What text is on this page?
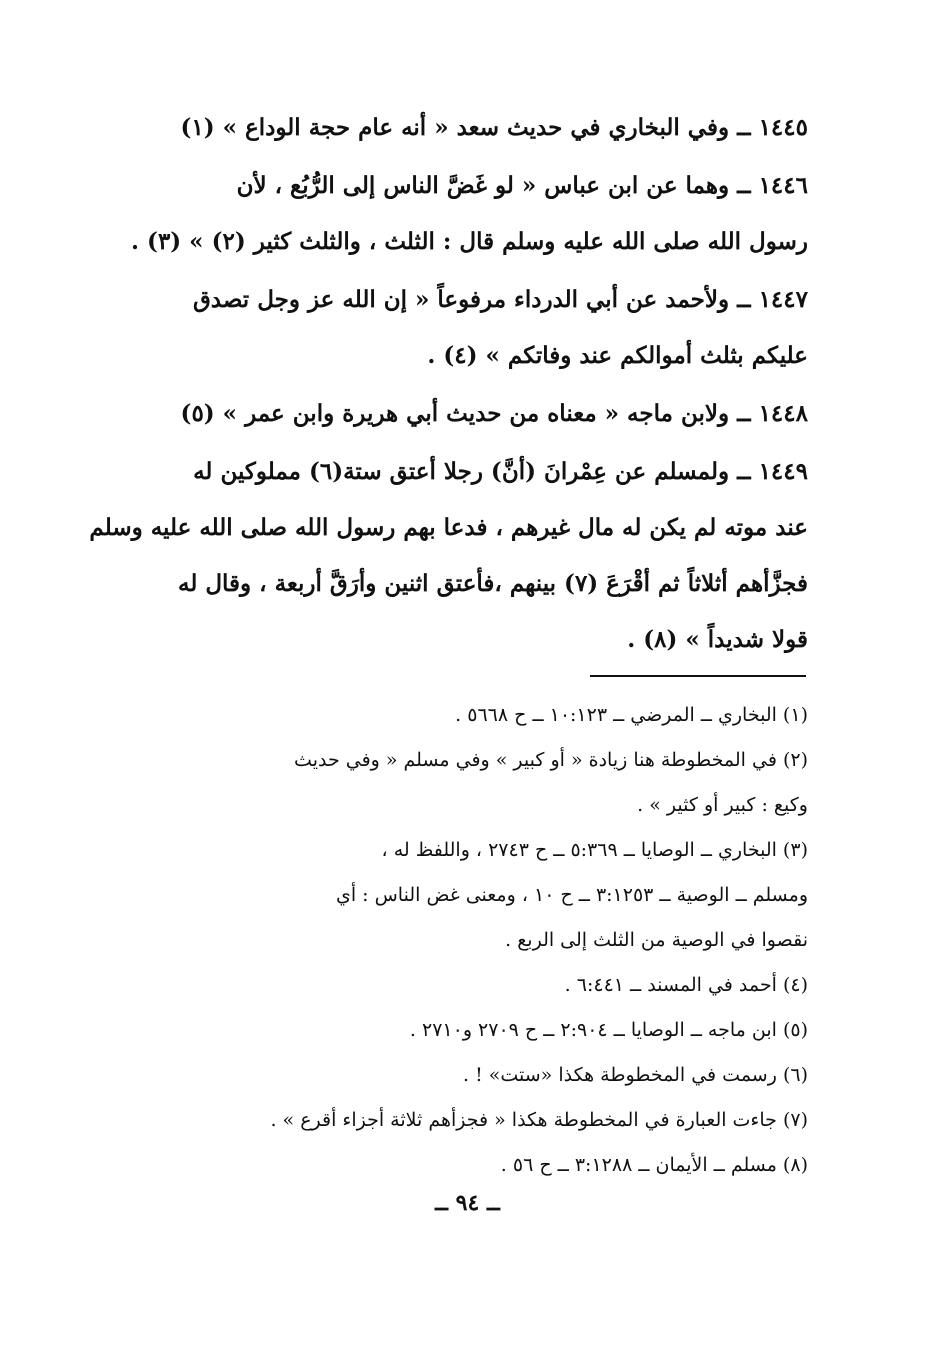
١٤٤٥ ــ وفي البخاري في حديث سعد « أنه عام حجة الوداع » (١)
١٤٤٦ ــ وهما عن ابن عباس « لو غَضَّ الناس إلى الرُّبُع ، لأن
رسول الله صلى الله عليه وسلم قال : الثلث ، والثلث كثير (٢) » (٣) .
١٤٤٧ ــ ولأحمد عن أبي الدرداء مرفوعاً « إن الله عز وجل تصدق
عليكم بثلث أموالكم عند وفاتكم » (٤) .
١٤٤٨ ــ ولابن ماجه « معناه من حديث أبي هريرة وابن عمر » (٥)
١٤٤٩ ــ ولمسلم عن عِمْرانَ (أنَّ) رجلا أعتق ستة(٦) مملوكين له
عند موته لم يكن له مال غيرهم ، فدعا بهم رسول الله صلى الله عليه وسلم
فجزَّأهم أثلاثاً ثم أقْرَعَ (٧) بينهم ،فأعتق اثنين وأرَقَّ أربعة ، وقال له
قولا شديداً » (٨) .
(١) البخاري ــ المرضي ــ ١٠:١٢٣ ــ ح ٥٦٦٨ .
(٢) في المخطوطة هنا زيادة « أو كبير » وفي مسلم « وفي حديث
وكيع : كبير أو كثير » .
(٣) البخاري ــ الوصايا ــ ٥:٣٦٩ ــ ح ٢٧٤٣ ، واللفظ له ،
ومسلم ــ الوصية ــ ٣:١٢٥٣ ــ ح ١٠ ، ومعنى غض الناس : أي
نقصوا في الوصية من الثلث إلى الربع .
(٤) أحمد في المسند ــ ٦:٤٤١ .
(٥) ابن ماجه ــ الوصايا ــ ٢:٩٠٤ ــ ح ٢٧٠٩ و٢٧١٠ .
(٦) رسمت في المخطوطة هكذا «ستت» ! .
(٧) جاءت العبارة في المخطوطة هكذا « فجزأهم ثلاثة أجزاء أقرع » .
(٨) مسلم ــ الأيمان ــ ٣:١٢٨٨ ــ ح ٥٦ .
ــ ٩٤ ــ
